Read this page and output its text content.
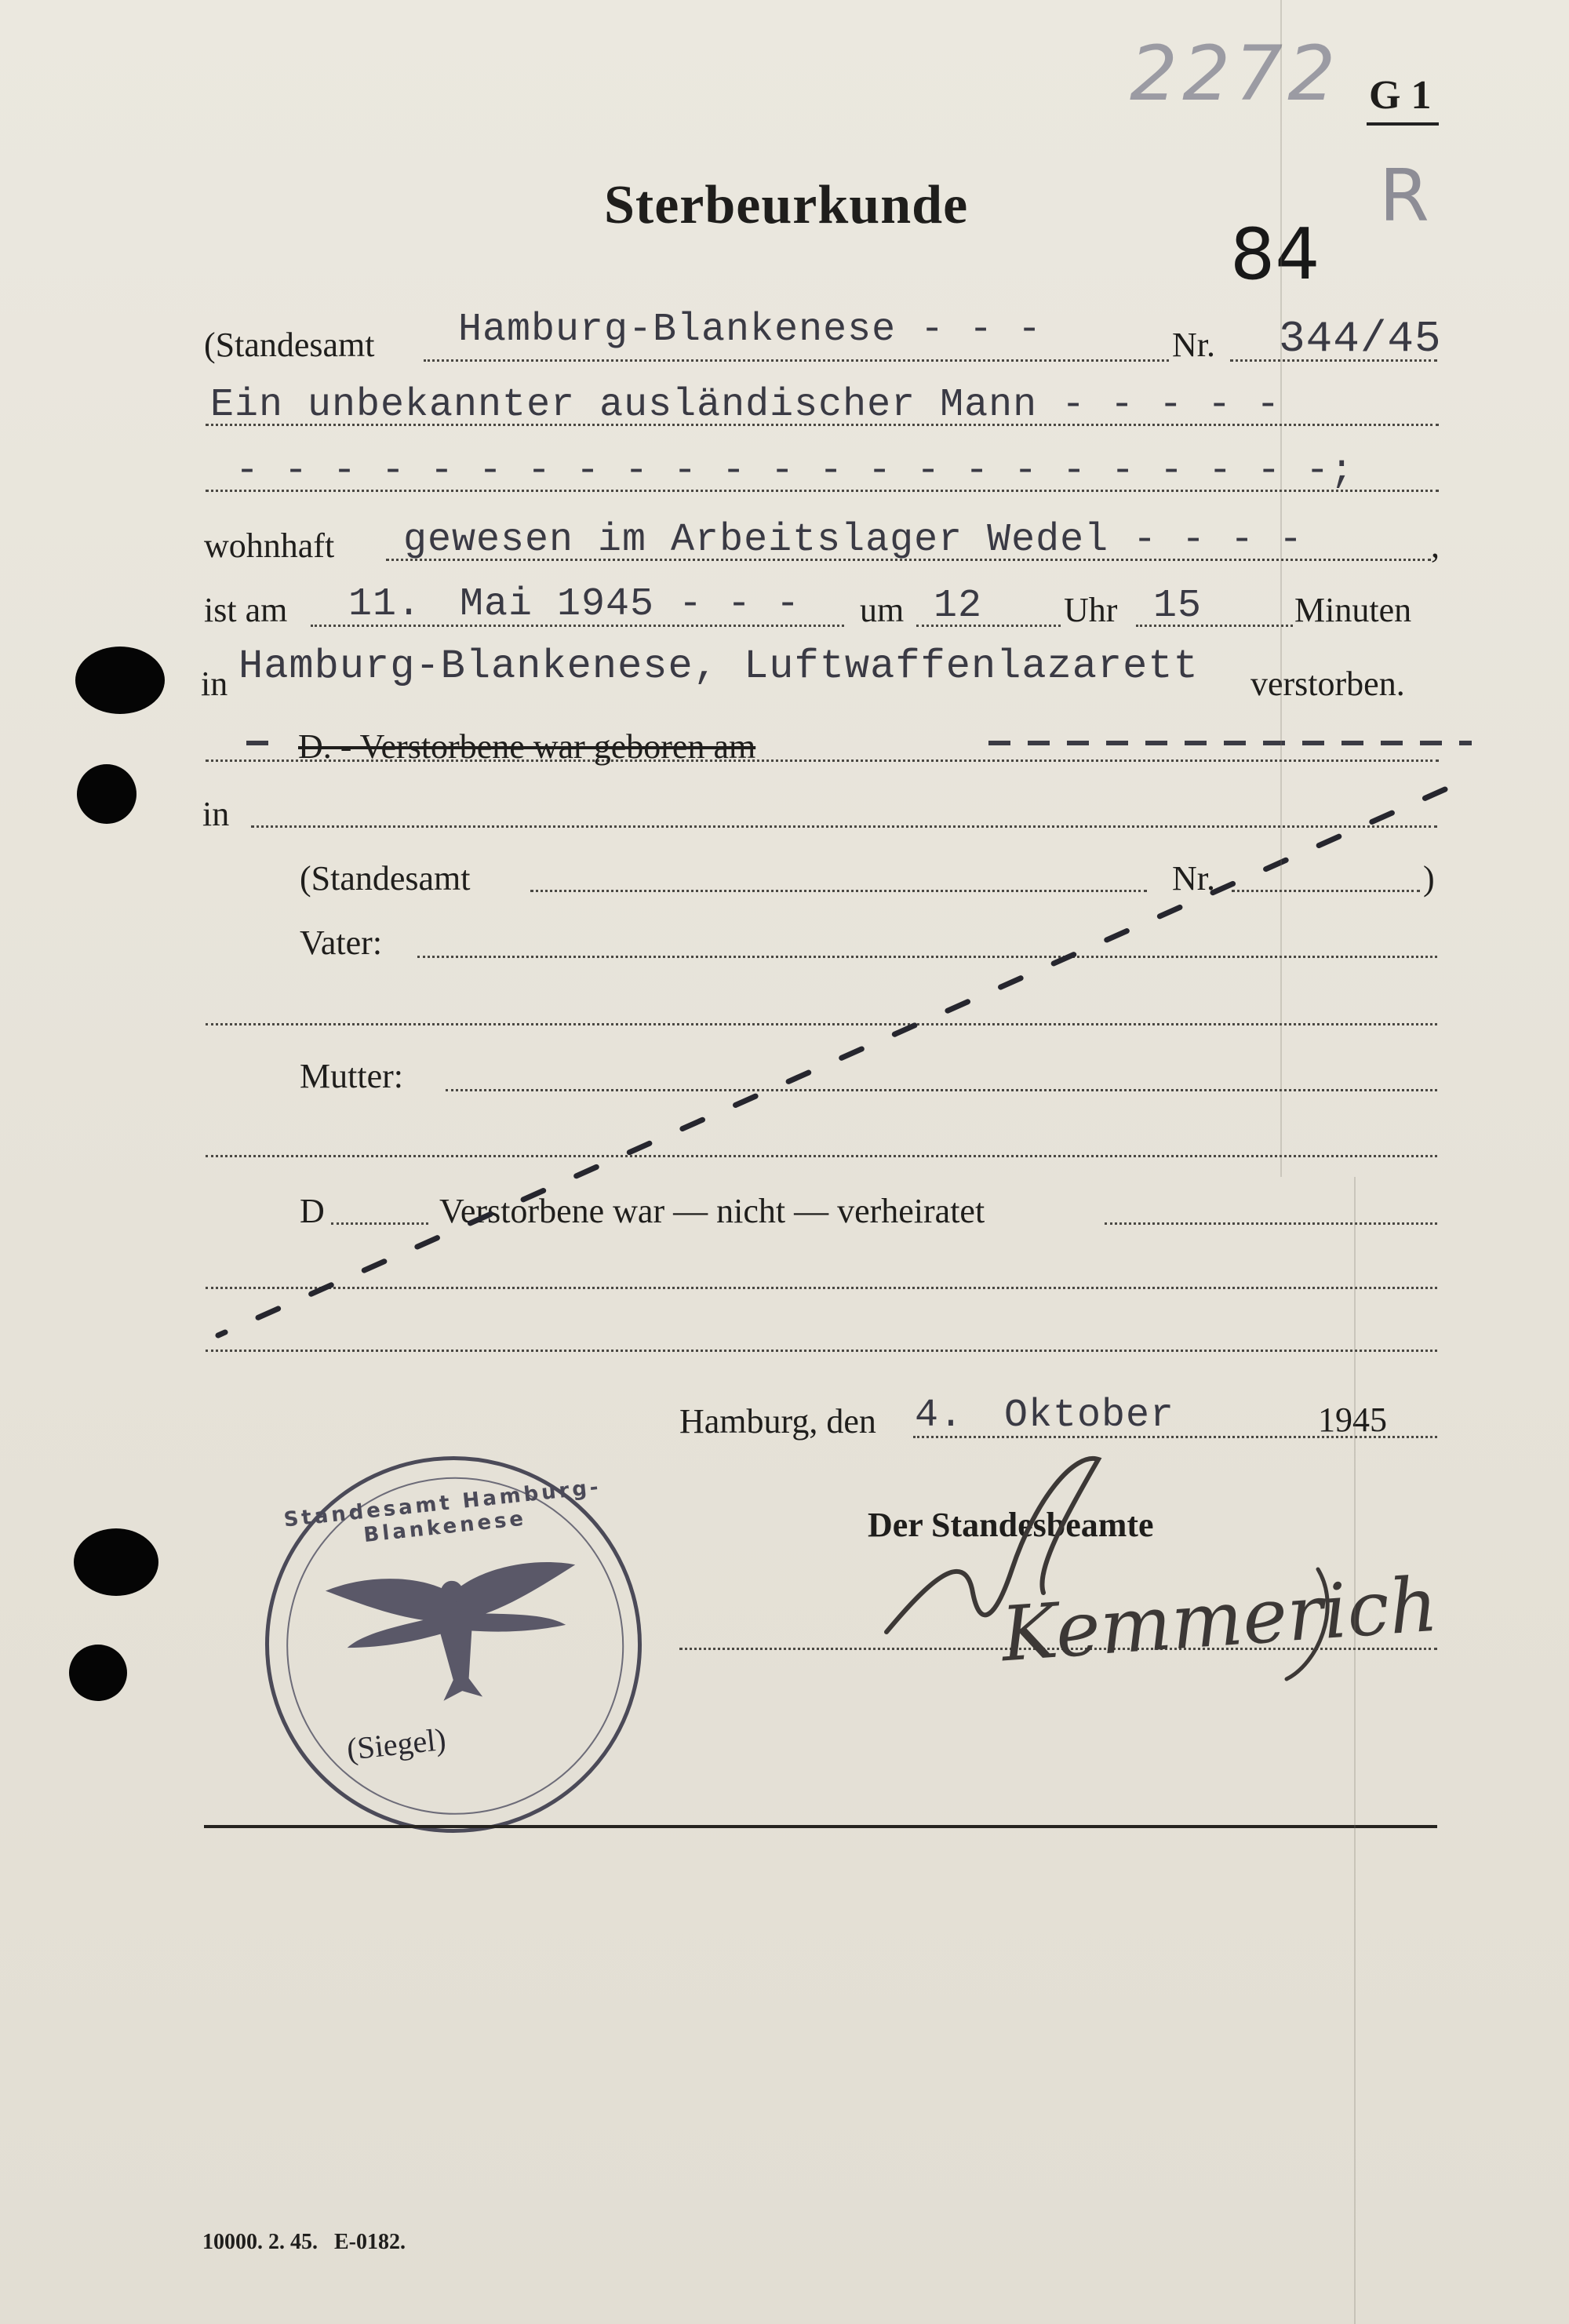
2272 G 1
R
Sterbeurkunde
84
(Standesamt Hamburg-Blankenese - - -	Nr. 344/45
Ein unbekannter ausländischer Mann - - - - -
- - - - - - - - - - - - - - - - - - - - - - -;
wohnhaft gewesen im Arbeitslager Wedel - - - -	,
ist am 11. Mai 1945 - - - um 12 Uhr 15	Minuten
in Hamburg-Blankenese, Luftwaffenlazarett verstorben.
D. - Verstorbene war geboren am
in
(Standesamt	Nr.	)
Vater:
Mutter:
D	Verstorbene war — nicht — verheiratet
Hamburg, den 4. Oktober	1945
Der Standesbeamte
Kemmerich
Standesamt Hamburg-Blankenese
(Siegel)
10000. 2. 45.   E-0182.
